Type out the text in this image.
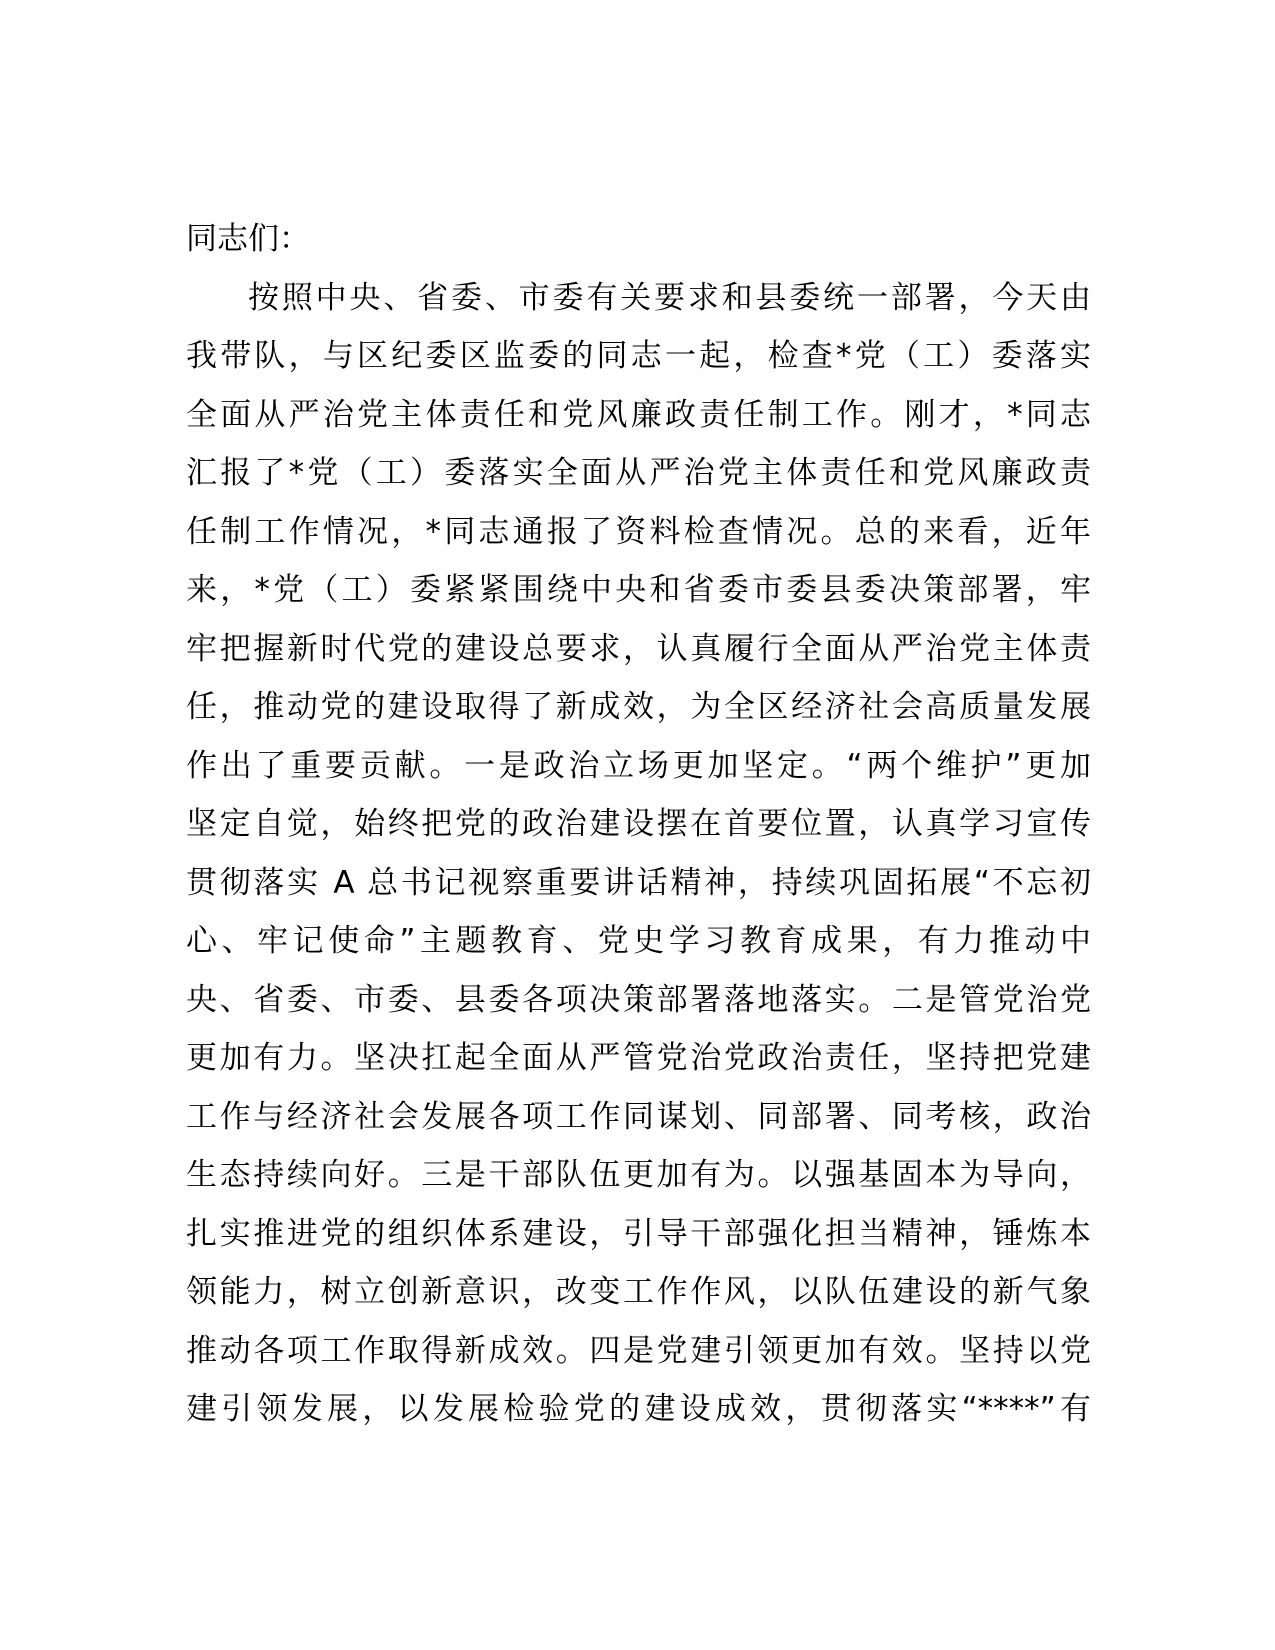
同志们：
按照中央、省委、市委有关要求和县委统一部署，今天由
我带队，与区纪委区监委的同志一起，检查*党（工）委落实
全面从严治党主体责任和党风廉政责任制工作。刚才，*同志
汇报了*党（工）委落实全面从严治党主体责任和党风廉政责
任制工作情况，*同志通报了资料检查情况。总的来看，近年
来，*党（工）委紧紧围绕中央和省委市委县委决策部署，牢
牢把握新时代党的建设总要求，认真履行全面从严治党主体责
任，推动党的建设取得了新成效，为全区经济社会高质量发展
作出了重要贡献。一是政治立场更加坚定。“两个维护”更加
坚定自觉，始终把党的政治建设摆在首要位置，认真学习宣传
贯彻落实 A 总书记视察重要讲话精神，持续巩固拓展“不忘初
心、牢记使命”主题教育、党史学习教育成果，有力推动中
央、省委、市委、县委各项决策部署落地落实。二是管党治党
更加有力。坚决扛起全面从严管党治党政治责任，坚持把党建
工作与经济社会发展各项工作同谋划、同部署、同考核，政治
生态持续向好。三是干部队伍更加有为。以强基固本为导向，
扎实推进党的组织体系建设，引导干部强化担当精神，锤炼本
领能力，树立创新意识，改变工作作风，以队伍建设的新气象
推动各项工作取得新成效。四是党建引领更加有效。坚持以党
建引领发展，以发展检验党的建设成效，贯彻落实“****”有
